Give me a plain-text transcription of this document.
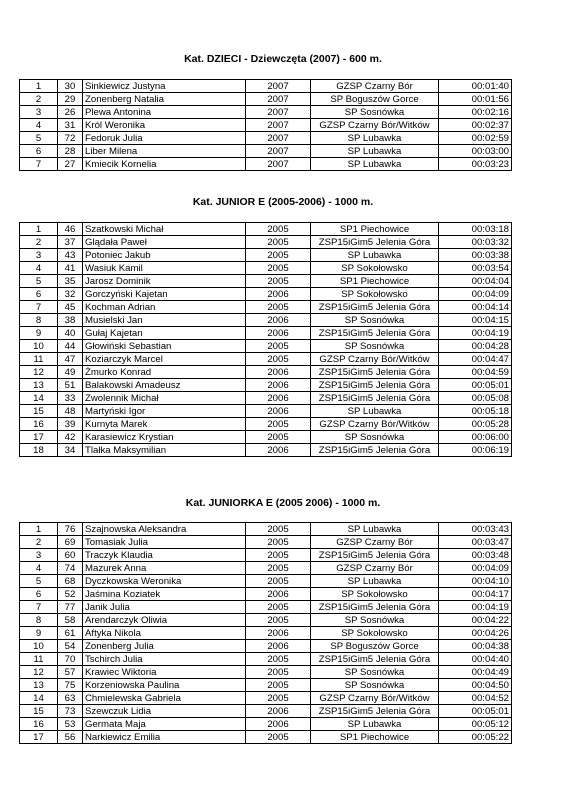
Kat. DZIECI - Dziewczęta (2007) - 600 m.
1	30	Sinkiewicz Justyna	2007	GZSP Czarny Bór	00:01:40
2	29	Zonenberg Natalia	2007	SP Boguszów Gorce	00:01:56
3	26	Plewa Antonina	2007	SP Sosnówka	00:02:16
4	31	Król Weronika	2007	GZSP Czarny Bór/Witków	00:02:37
5	72	Fedoruk Julia	2007	SP Lubawka	00:02:59
6	28	Liber Milena	2007	SP Lubawka	00:03:00
7	27	Kmiecik Kornelia	2007	SP Lubawka	00:03:23
Kat. JUNIOR E (2005-2006) - 1000 m.
1	46	Szatkowski Michał	2005	SP1 Piechowice	00:03:18
2	37	Glądała Paweł	2005	ZSP15iGim5 Jelenia Góra	00:03:32
3	43	Potoniec Jakub	2005	SP Lubawka	00:03:38
4	41	Wasiuk Kamil	2005	SP Sokołowsko	00:03:54
5	35	Jarosz Dominik	2005	SP1 Piechowice	00:04:04
6	32	Gorczyński Kajetan	2006	SP Sokołowsko	00:04:09
7	45	Kochman Adrian	2005	ZSP15iGim5 Jelenia Góra	00:04:14
8	38	Musielski Jan	2006	SP Sosnówka	00:04:15
9	40	Gułaj Kajetan	2006	ZSP15iGim5 Jelenia Góra	00:04:19
10	44	Głowiński Sebastian	2005	SP Sosnówka	00:04:28
11	47	Koziarczyk Marcel	2005	GZSP Czarny Bór/Witków	00:04:47
12	49	Żmurko Konrad	2006	ZSP15iGim5 Jelenia Góra	00:04:59
13	51	Balakowski Amadeusz	2006	ZSP15iGim5 Jelenia Góra	00:05:01
14	33	Zwolennik Michał	2006	ZSP15iGim5 Jelenia Góra	00:05:08
15	48	Martyński Igor	2006	SP Lubawka	00:05:18
16	39	Kurnyta Marek	2005	GZSP Czarny Bór/Witków	00:05:28
17	42	Karasiewicz Krystian	2005	SP Sosnówka	00:06:00
18	34	Tlałka Maksymilian	2006	ZSP15iGim5 Jelenia Góra	00:06:19
Kat. JUNIORKA E (2005 2006) - 1000 m.
1	76	Szajnowska Aleksandra	2005	SP Lubawka	00:03:43
2	69	Tomasiak Julia	2005	GZSP Czarny Bór	00:03:47
3	60	Traczyk Klaudia	2005	ZSP15iGim5 Jelenia Góra	00:03:48
4	74	Mazurek Anna	2005	GZSP Czarny Bór	00:04:09
5	68	Dyczkowska Weronika	2005	SP Lubawka	00:04:10
6	52	Jaśmina Koziatek	2006	SP Sokołowsko	00:04:17
7	77	Janik Julia	2005	ZSP15iGim5 Jelenia Góra	00:04:19
8	58	Arendarczyk Oliwia	2005	SP Sosnówka	00:04:22
9	61	Aftyka Nikola	2006	SP Sokołowsko	00:04:26
10	54	Zonenberg Julia	2006	SP Boguszów Gorce	00:04:38
11	70	Tschirch Julia	2005	ZSP15iGim5 Jelenia Góra	00:04:40
12	57	Krawiec Wiktoria	2005	SP Sosnówka	00:04:49
13	75	Korzeniowska Paulina	2005	SP Sosnówka	00:04:50
14	63	Chmielewska Gabriela	2005	GZSP Czarny Bór/Witków	00:04:52
15	73	Szewczuk Lidia	2006	ZSP15iGim5 Jelenia Góra	00:05:01
16	53	Germata Maja	2006	SP Lubawka	00:05:12
17	56	Narkiewicz Emilia	2005	SP1 Piechowice	00:05:22
